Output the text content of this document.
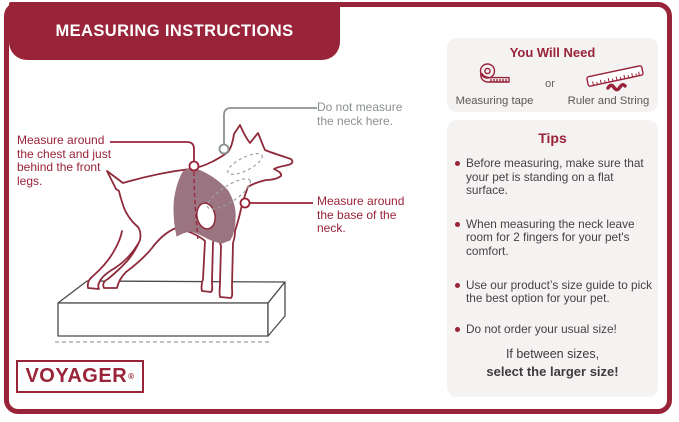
MEASURING INSTRUCTIONS
Measure around the chest and just behind the front legs.
Do not measure the neck here.
Measure around the base of the neck.
You Will Need
or
Measuring tape	Ruler and String
Tips
Before measuring, make sure that your pet is standing on a flat surface.
When measuring the neck leave room for 2 fingers for your pet's comfort.
Use our product’s size guide to pick the best option for your pet.
Do not order your usual size!
If between sizes,
select the larger size!
VOYAGER ®
